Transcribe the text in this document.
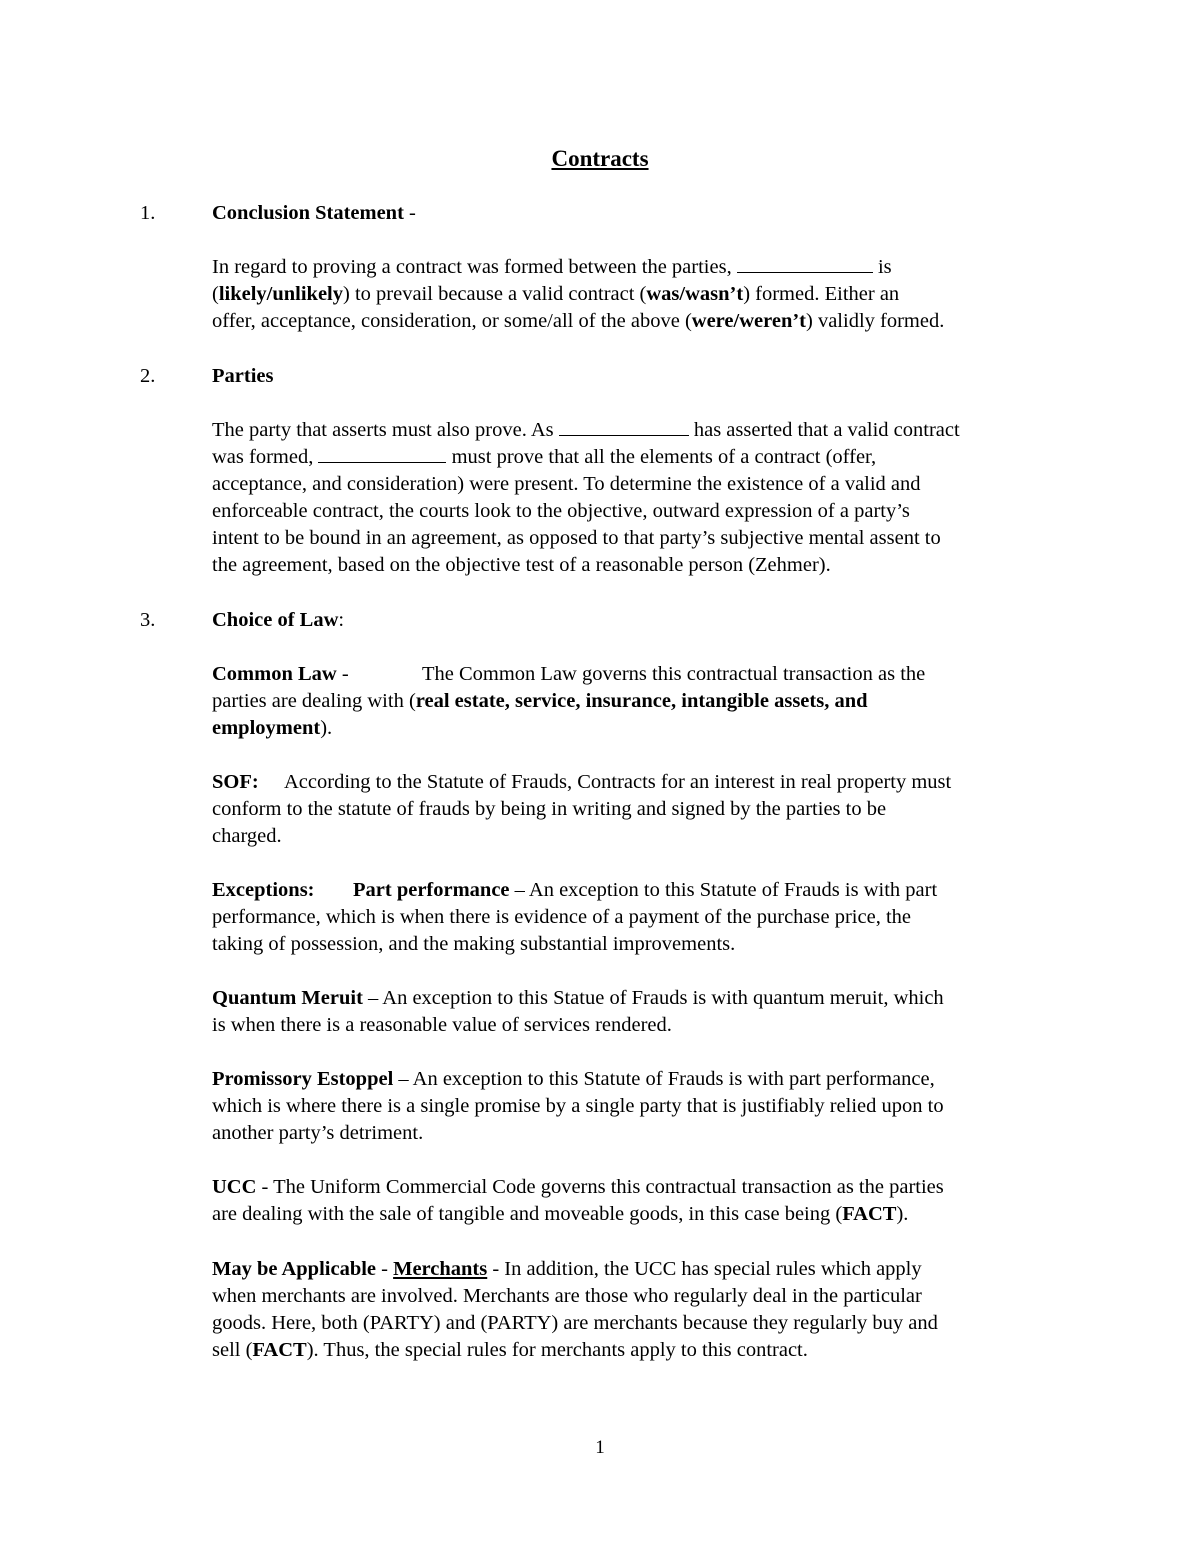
Contracts
1.	Conclusion Statement -
In regard to proving a contract was formed between the parties,	is
(likely/unlikely) to prevail because a valid contract (was/wasn’t) formed. Either an
offer, acceptance, consideration, or some/all of the above (were/weren’t) validly formed.
2.	Parties
The party that asserts must also prove. As	has asserted that a valid contract
was formed,	must prove that all the elements of a contract (offer,
acceptance, and consideration) were present. To determine the existence of a valid and
enforceable contract, the courts look to the objective, outward expression of a party’s
intent to be bound in an agreement, as opposed to that party’s subjective mental assent to
the agreement, based on the objective test of a reasonable person (Zehmer).
3.	Choice of Law:
Common Law -	The Common Law governs this contractual transaction as the
parties are dealing with (real estate, service, insurance, intangible assets, and
employment).
SOF: According to the Statute of Frauds, Contracts for an interest in real property must
conform to the statute of frauds by being in writing and signed by the parties to be
charged.
Exceptions: Part performance – An exception to this Statute of Frauds is with part
performance, which is when there is evidence of a payment of the purchase price, the
taking of possession, and the making substantial improvements.
Quantum Meruit – An exception to this Statue of Frauds is with quantum meruit, which
is when there is a reasonable value of services rendered.
Promissory Estoppel – An exception to this Statute of Frauds is with part performance,
which is where there is a single promise by a single party that is justifiably relied upon to
another party’s detriment.
UCC - The Uniform Commercial Code governs this contractual transaction as the parties
are dealing with the sale of tangible and moveable goods, in this case being (FACT).
May be Applicable - Merchants - In addition, the UCC has special rules which apply
when merchants are involved. Merchants are those who regularly deal in the particular
goods. Here, both (PARTY) and (PARTY) are merchants because they regularly buy and
sell (FACT). Thus, the special rules for merchants apply to this contract.
1
